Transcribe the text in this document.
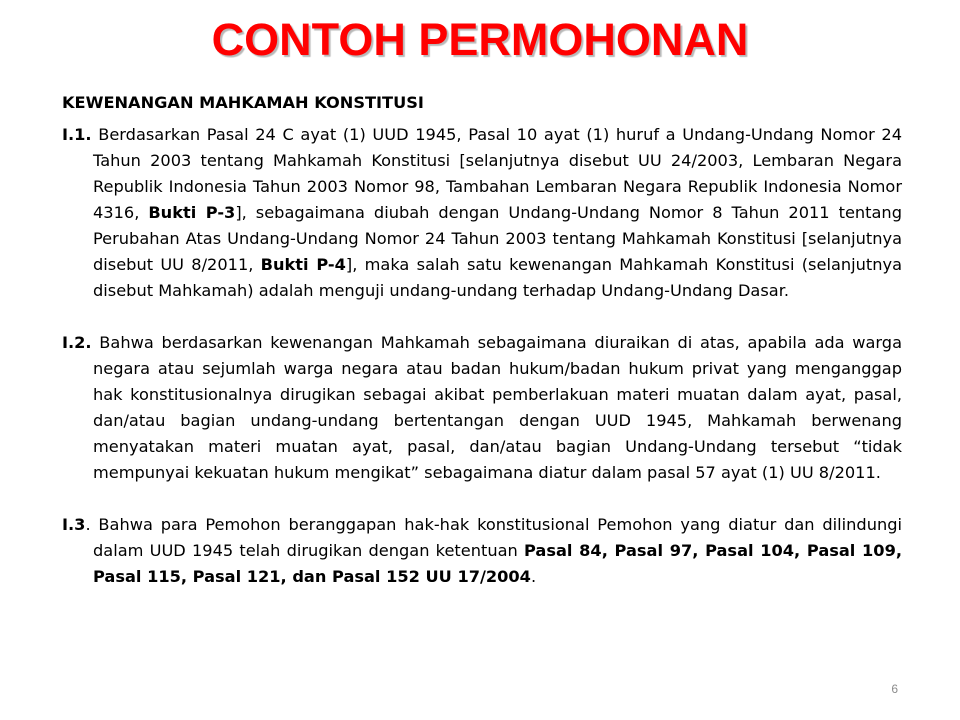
CONTOH PERMOHONAN

KEWENANGAN MAHKAMAH KONSTITUSI

I.1. Berdasarkan Pasal 24 C ayat (1) UUD 1945, Pasal 10 ayat (1) huruf a Undang-Undang Nomor 24 Tahun 2003 tentang Mahkamah Konstitusi [selanjutnya disebut UU 24/2003, Lembaran Negara Republik Indonesia Tahun 2003 Nomor 98, Tambahan Lembaran Negara Republik Indonesia Nomor 4316, Bukti P-3], sebagaimana diubah dengan Undang-Undang Nomor 8 Tahun 2011 tentang Perubahan Atas Undang-Undang Nomor 24 Tahun 2003 tentang Mahkamah Konstitusi [selanjutnya disebut UU 8/2011, Bukti P-4], maka salah satu kewenangan Mahkamah Konstitusi (selanjutnya disebut Mahkamah) adalah menguji undang-undang terhadap Undang-Undang Dasar.

I.2. Bahwa berdasarkan kewenangan Mahkamah sebagaimana diuraikan di atas, apabila ada warga negara atau sejumlah warga negara atau badan hukum/badan hukum privat yang menganggap hak konstitusionalnya dirugikan sebagai akibat pemberlakuan materi muatan dalam ayat, pasal, dan/atau bagian undang-undang bertentangan dengan UUD 1945, Mahkamah berwenang menyatakan materi muatan ayat, pasal, dan/atau bagian Undang-Undang tersebut “tidak mempunyai kekuatan hukum mengikat” sebagaimana diatur dalam pasal 57 ayat (1) UU 8/2011.

I.3. Bahwa para Pemohon beranggapan hak-hak konstitusional Pemohon yang diatur dan dilindungi dalam UUD 1945 telah dirugikan dengan ketentuan Pasal 84, Pasal 97, Pasal 104, Pasal 109, Pasal 115, Pasal 121, dan Pasal 152 UU 17/2004.

6
